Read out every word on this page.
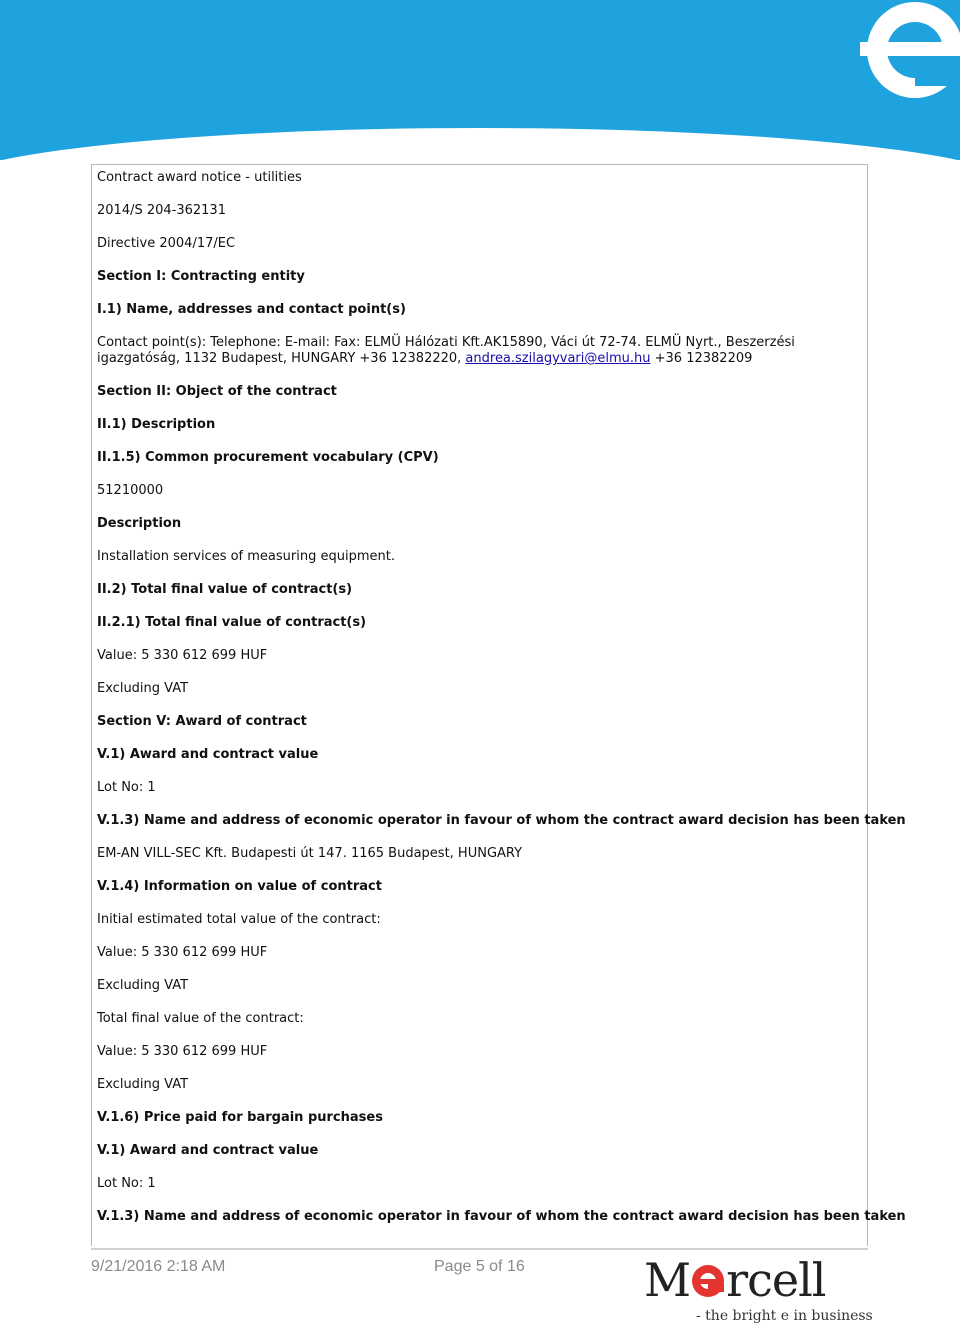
Contract award notice - utilities
2014/S 204-362131
Directive 2004/17/EC
Section I: Contracting entity
I.1) Name, addresses and contact point(s)
Contact point(s): Telephone: E-mail: Fax: ELMÜ Hálózati Kft.AK15890, Váci út 72-74. ELMÜ Nyrt., Beszerzési igazgatóság, 1132 Budapest, HUNGARY +36 12382220, andrea.szilagyvari@elmu.hu +36 12382209
Section II: Object of the contract
II.1) Description
II.1.5) Common procurement vocabulary (CPV)
51210000
Description
Installation services of measuring equipment.
II.2) Total final value of contract(s)
II.2.1) Total final value of contract(s)
Value: 5 330 612 699 HUF
Excluding VAT
Section V: Award of contract
V.1) Award and contract value
Lot No: 1
V.1.3) Name and address of economic operator in favour of whom the contract award decision has been taken
EM-AN VILL-SEC Kft. Budapesti út 147. 1165 Budapest, HUNGARY
V.1.4) Information on value of contract
Initial estimated total value of the contract:
Value: 5 330 612 699 HUF
Excluding VAT
Total final value of the contract:
Value: 5 330 612 699 HUF
Excluding VAT
V.1.6) Price paid for bargain purchases
V.1) Award and contract value
Lot No: 1
V.1.3) Name and address of economic operator in favour of whom the contract award decision has been taken
9/21/2016 2:18 AM	Page 5 of 16	M rcell
- the bright e in business
